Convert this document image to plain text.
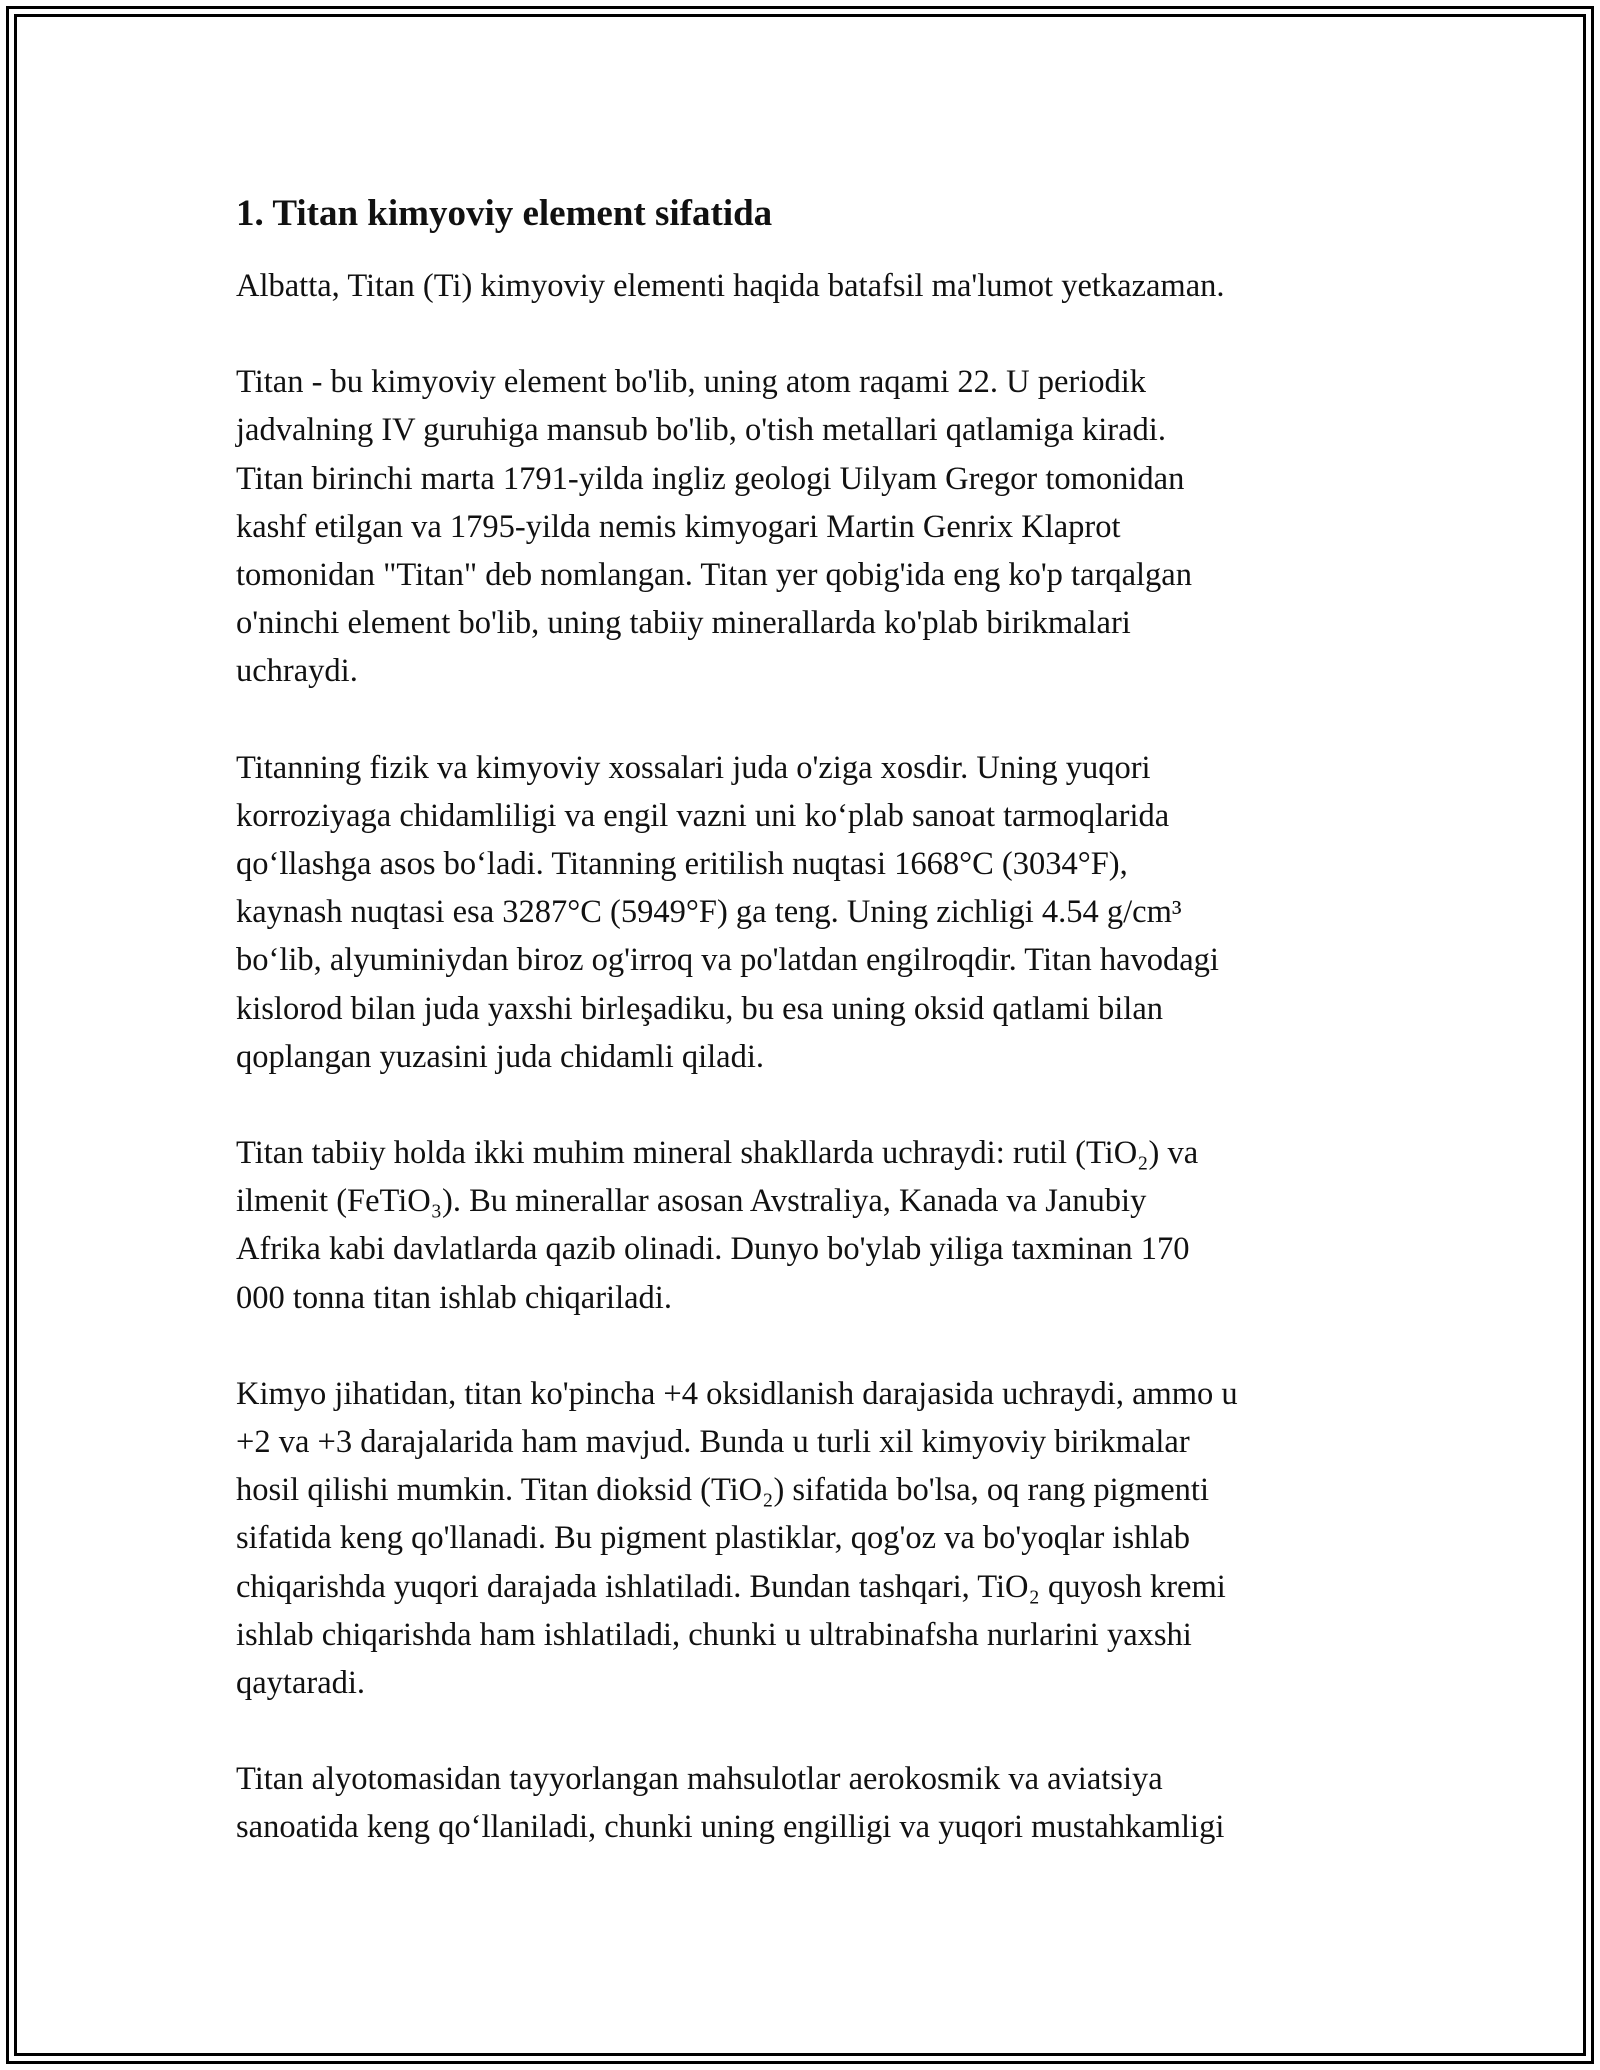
1. Titan kimyoviy element sifatida

Albatta, Titan (Ti) kimyoviy elementi haqida batafsil ma'lumot yetkazaman.

Titan - bu kimyoviy element bo'lib, uning atom raqami 22. U periodik
jadvalning IV guruhiga mansub bo'lib, o'tish metallari qatlamiga kiradi.
Titan birinchi marta 1791-yilda ingliz geologi Uilyam Gregor tomonidan
kashf etilgan va 1795-yilda nemis kimyogari Martin Genrix Klaprot
tomonidan "Titan" deb nomlangan. Titan yer qobig'ida eng ko'p tarqalgan
o'ninchi element bo'lib, uning tabiiy minerallarda ko'plab birikmalari
uchraydi.

Titanning fizik va kimyoviy xossalari juda o'ziga xosdir. Uning yuqori
korroziyaga chidamliligi va engil vazni uni koʻplab sanoat tarmoqlarida
qoʻllashga asos boʻladi. Titanning eritilish nuqtasi 1668°C (3034°F),
kaynash nuqtasi esa 3287°C (5949°F) ga teng. Uning zichligi 4.54 g/cm³
boʻlib, alyuminiydan biroz og'irroq va po'latdan engilroqdir. Titan havodagi
kislorod bilan juda yaxshi birleşadiku, bu esa uning oksid qatlami bilan
qoplangan yuzasini juda chidamli qiladi.

Titan tabiiy holda ikki muhim mineral shakllarda uchraydi: rutil (TiO₂) va
ilmenit (FeTiO₃). Bu minerallar asosan Avstraliya, Kanada va Janubiy
Afrika kabi davlatlarda qazib olinadi. Dunyo bo'ylab yiliga taxminan 170
000 tonna titan ishlab chiqariladi.

Kimyo jihatidan, titan ko'pincha +4 oksidlanish darajasida uchraydi, ammo u
+2 va +3 darajalarida ham mavjud. Bunda u turli xil kimyoviy birikmalar
hosil qilishi mumkin. Titan dioksid (TiO₂) sifatida bo'lsa, oq rang pigmenti
sifatida keng qo'llanadi. Bu pigment plastiklar, qog'oz va bo'yoqlar ishlab
chiqarishda yuqori darajada ishlatiladi. Bundan tashqari, TiO₂ quyosh kremi
ishlab chiqarishda ham ishlatiladi, chunki u ultrabinafsha nurlarini yaxshi
qaytaradi.

Titan alyotomasidan tayyorlangan mahsulotlar aerokosmik va aviatsiya
sanoatida keng qoʻllaniladi, chunki uning engilligi va yuqori mustahkamligi
